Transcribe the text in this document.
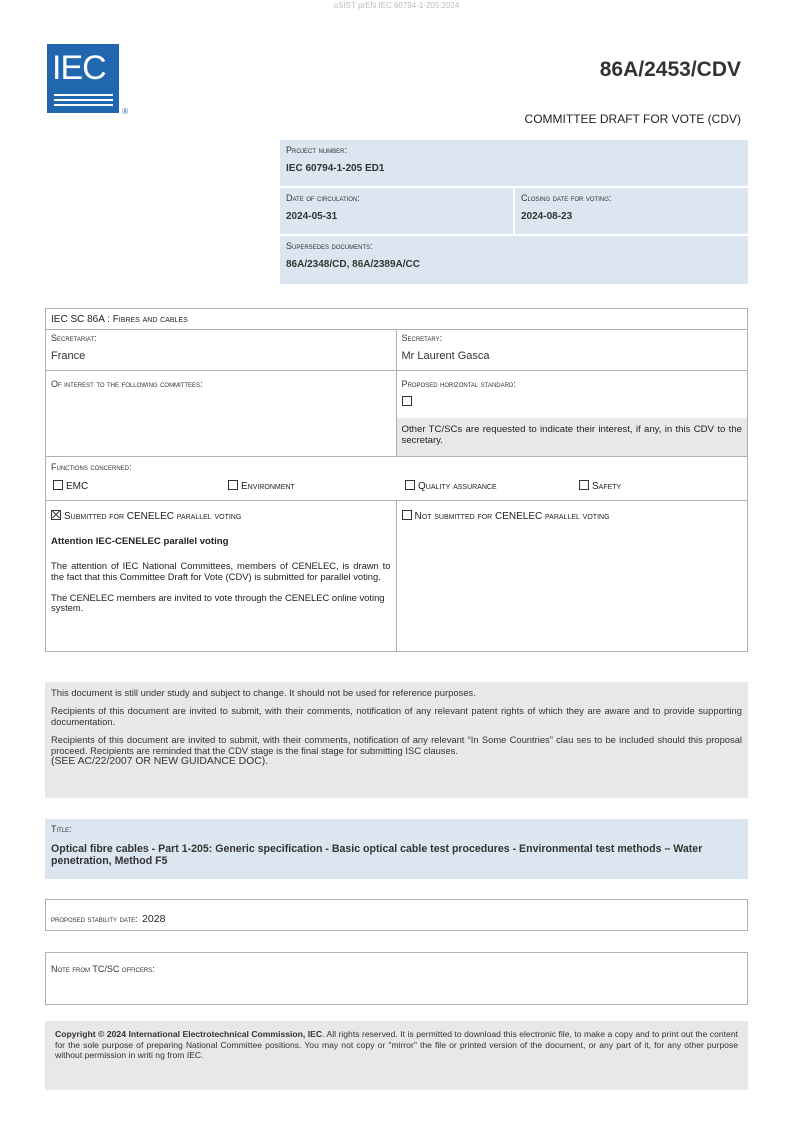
oSIST prEN IEC 60794-1-205:2024
IEC
®
86A/2453/CDV
COMMITTEE DRAFT FOR VOTE (CDV)
Project number:
IEC 60794-1-205 ED1
Date of circulation:
2024-05-31
Closing date for voting:
2024-08-23
Supersedes documents:
86A/2348/CD, 86A/2389A/CC
IEC SC 86A : Fibres and cables
Secretariat:
France
Secretary:
Mr Laurent Gasca
Of interest to the following committees:	Proposed horizontal standard:
Other TC/SCs are requested to indicate their interest, if any, in this CDV to the secretary.
Functions concerned:
EMC	Environment	Quality assurance	Safety
Submitted for CENELEC parallel voting
Attention IEC-CENELEC parallel voting

The attention of IEC National Committees, members of CENELEC, is drawn to the fact that this Committee Draft for Vote (CDV) is submitted for parallel voting.

The CENELEC members are invited to vote through the CENELEC online voting system.

Not submitted for CENELEC parallel voting

This document is still under study and subject to change. It should not be used for reference purposes.

Recipients of this document are invited to submit, with their comments, notification of any relevant patent rights of which they are aware and to provide supporting documentation.

Recipients of this document are invited to submit, with their comments, notification of any relevant “In Some Countries” clau ses to be included should this proposal proceed. Recipients are reminded that the CDV stage is the final stage for submitting ISC clauses.

(SEE AC/22/2007 OR NEW GUIDANCE DOC).

Title:
Optical fibre cables - Part 1-205: Generic specification - Basic optical cable test procedures - Environmental test methods – Water penetration, Method F5
proposed stability date: 2028
Note from TC/SC officers:
Copyright © 2024 International Electrotechnical Commission, IEC. All rights reserved. It is permitted to download this electronic file, to make a copy and to print out the content for the sole purpose of preparing National Committee positions. You may not copy or "mirror" the file or printed version of the document, or any part of it, for any other purpose without permission in writi ng from IEC.
